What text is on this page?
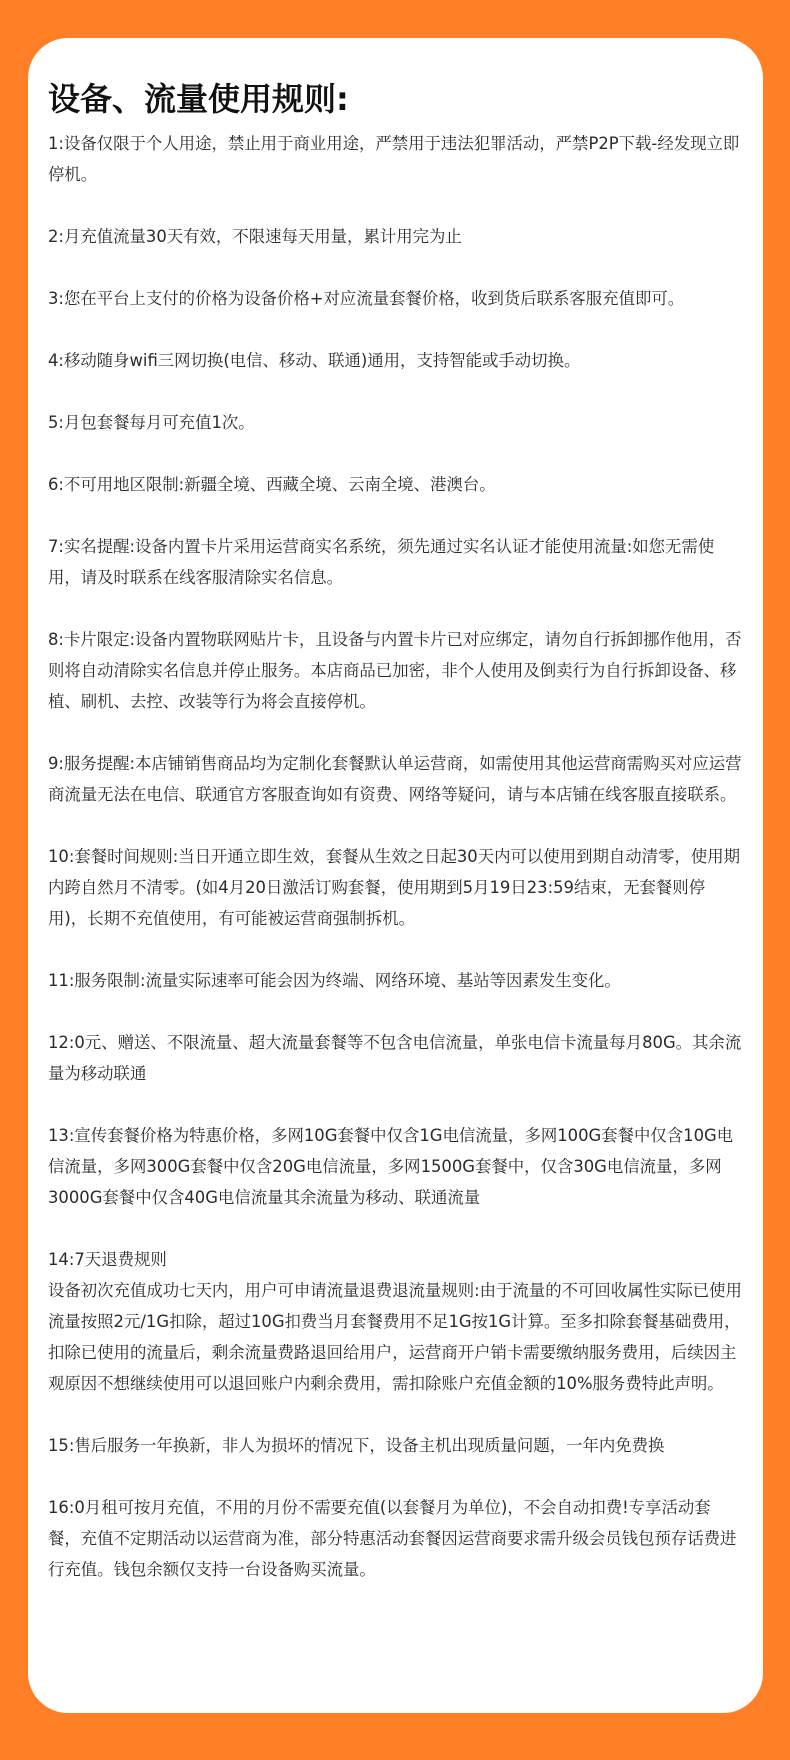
设备、流量使用规则:

1:设备仅限于个人用途，禁止用于商业用途，严禁用于违法犯罪活动，严禁P2P下载-经发现立即停机。

2:月充值流量30天有效，不限速每天用量，累计用完为止

3:您在平台上支付的价格为设备价格+对应流量套餐价格，收到货后联系客服充值即可。

4:移动随身wifi三网切换(电信、移动、联通)通用，支持智能或手动切换。

5:月包套餐每月可充值1次。

6:不可用地区限制:新疆全境、西藏全境、云南全境、港澳台。

7:实名提醒:设备内置卡片采用运营商实名系统，须先通过实名认证才能使用流量:如您无需使用，请及时联系在线客服清除实名信息。

8:卡片限定:设备内置物联网贴片卡，且设备与内置卡片已对应绑定，请勿自行拆卸挪作他用，否则将自动清除实名信息并停止服务。本店商品已加密，非个人使用及倒卖行为自行拆卸设备、移植、刷机、去控、改装等行为将会直接停机。

9:服务提醒:本店铺销售商品均为定制化套餐默认单运营商，如需使用其他运营商需购买对应运营商流量无法在电信、联通官方客服查询如有资费、网络等疑问，请与本店铺在线客服直接联系。

10:套餐时间规则:当日开通立即生效，套餐从生效之日起30天内可以使用到期自动清零，使用期内跨自然月不清零。(如4月20日激活订购套餐，使用期到5月19日23:59结束，无套餐则停用)，长期不充值使用，有可能被运营商强制拆机。

11:服务限制:流量实际速率可能会因为终端、网络环境、基站等因素发生变化。

12:0元、赠送、不限流量、超大流量套餐等不包含电信流量，单张电信卡流量每月80G。其余流量为移动联通

13:宣传套餐价格为特惠价格，多网10G套餐中仅含1G电信流量，多网100G套餐中仅含10G电信流量，多网300G套餐中仅含20G电信流量，多网1500G套餐中，仅含30G电信流量，多网3000G套餐中仅含40G电信流量其余流量为移动、联通流量

14:7天退费规则
设备初次充值成功七天内，用户可申请流量退费退流量规则:由于流量的不可回收属性实际已使用流量按照2元/1G扣除，超过10G扣费当月套餐费用不足1G按1G计算。至多扣除套餐基础费用，扣除已使用的流量后，剩余流量费路退回给用户，运营商开户销卡需要缴纳服务费用，后续因主观原因不想继续使用可以退回账户内剩余费用，需扣除账户充值金额的10%服务费特此声明。

15:售后服务一年换新，非人为损坏的情况下，设备主机出现质量问题，一年内免费换

16:0月租可按月充值，不用的月份不需要充值(以套餐月为单位)，不会自动扣费!专享活动套餐，充值不定期活动以运营商为准，部分特惠活动套餐因运营商要求需升级会员钱包预存话费进行充值。钱包余额仅支持一台设备购买流量。
